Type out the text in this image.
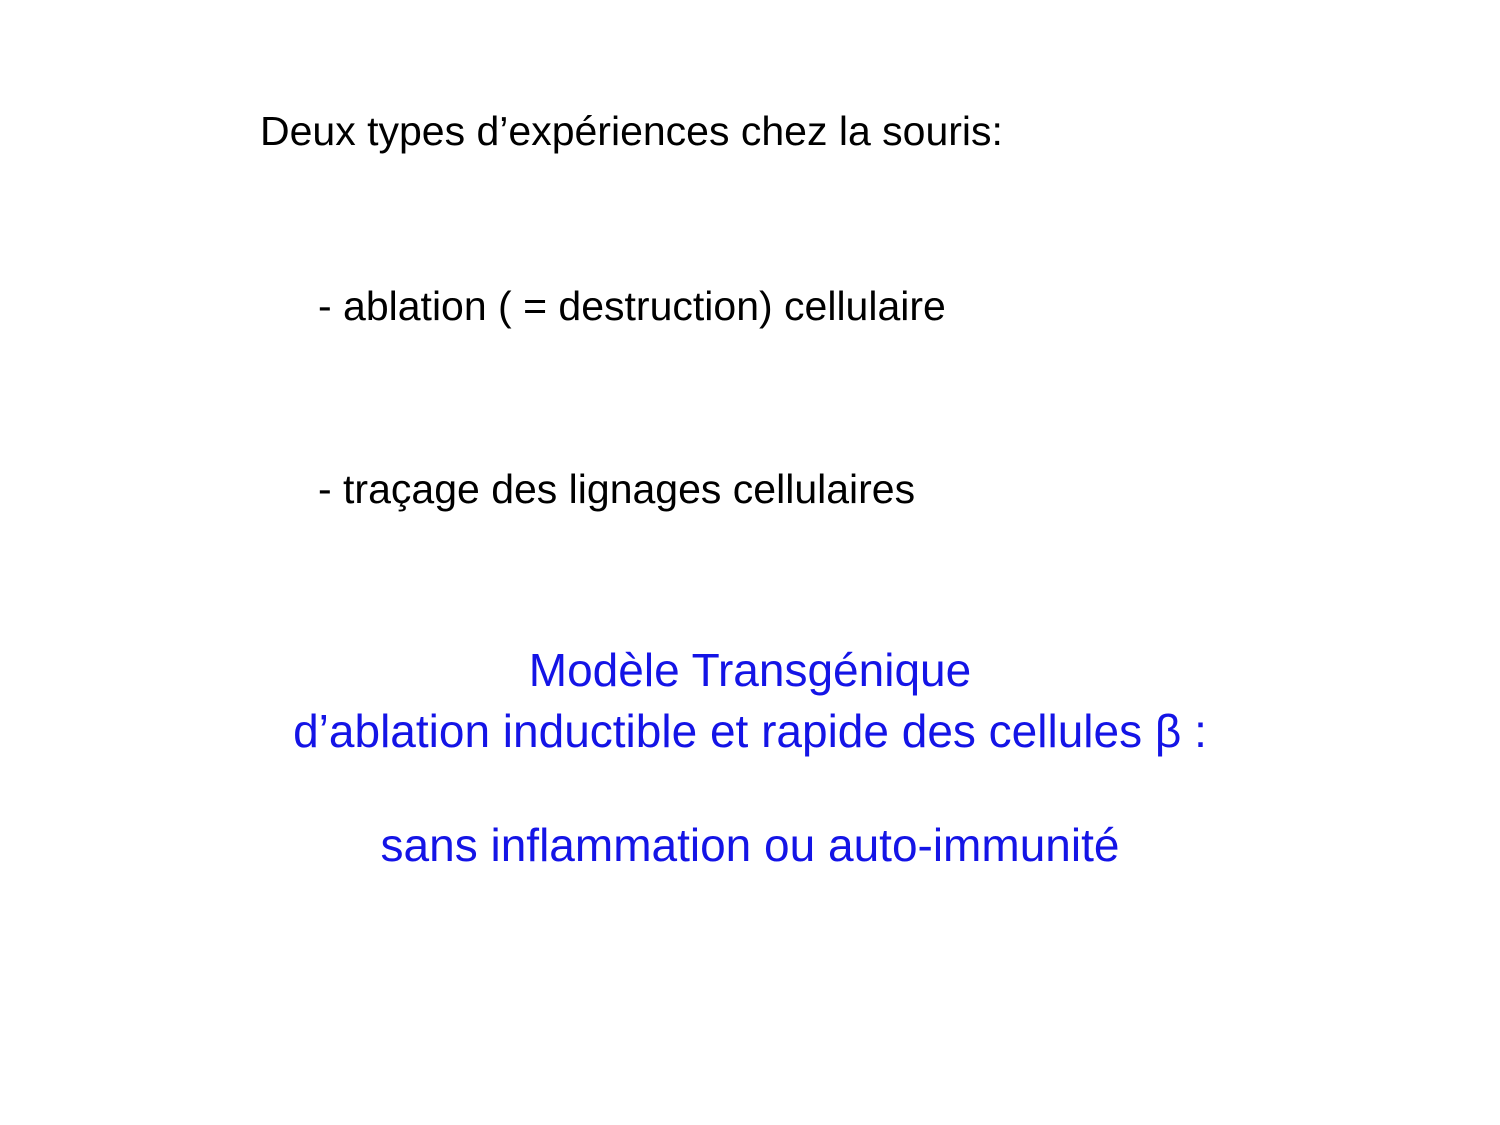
Deux types d’expériences chez la souris:
- ablation ( = destruction) cellulaire
- traçage des lignages cellulaires
Modèle Transgénique
d’ablation inductible et rapide des cellules β :
sans inflammation ou auto-immunité
